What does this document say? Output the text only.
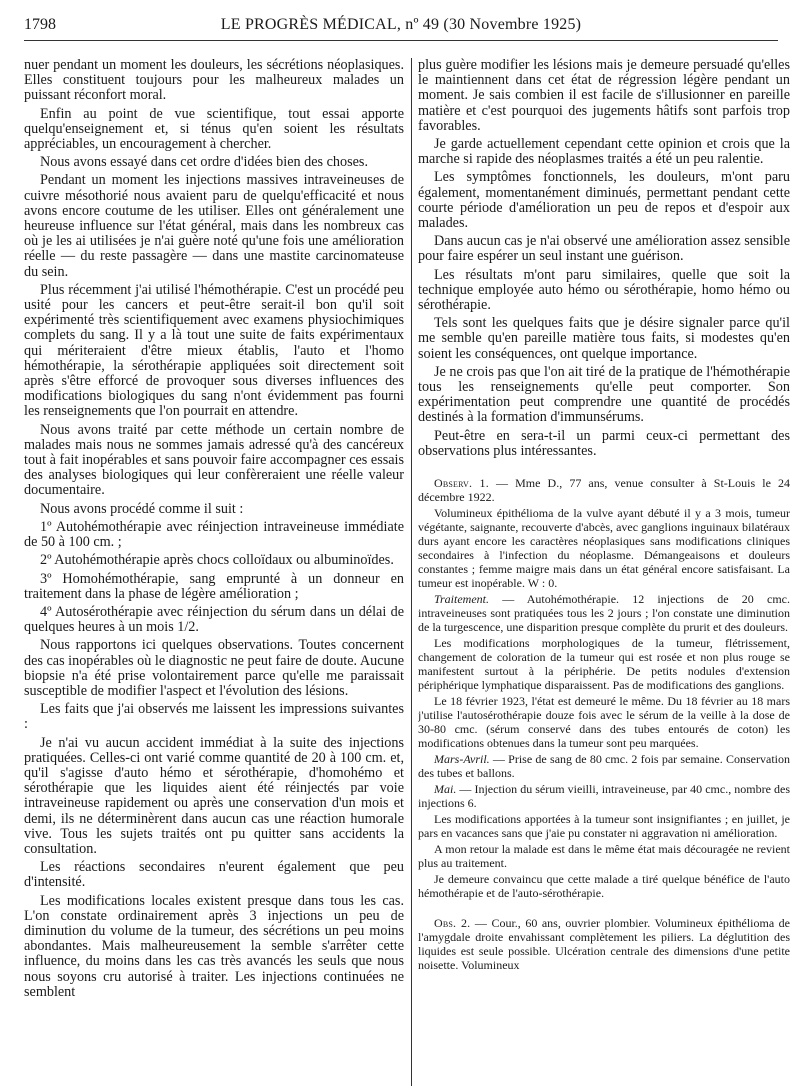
1798	LE PROGRÈS MÉDICAL, nº 49 (30 Novembre 1925)

nuer pendant un moment les douleurs, les sécrétions néoplasiques. Elles constituent toujours pour les malheureux malades un puissant réconfort moral.

Enfin au point de vue scientifique, tout essai apporte quelqu'enseignement et, si ténus qu'en soient les résultats appréciables, un encouragement à chercher.

Nous avons essayé dans cet ordre d'idées bien des choses.

Pendant un moment les injections massives intraveineuses de cuivre mésothorié nous avaient paru de quelqu'efficacité et nous avons encore coutume de les utiliser. Elles ont généralement une heureuse influence sur l'état général, mais dans les nombreux cas où je les ai utilisées je n'ai guère noté qu'une fois une amélioration réelle — du reste passagère — dans une mastite carcinomateuse du sein.

Plus récemment j'ai utilisé l'hémothérapie. C'est un procédé peu usité pour les cancers et peut-être serait-il bon qu'il soit expérimenté très scientifiquement avec examens physiochimiques complets du sang. Il y a là tout une suite de faits expérimentaux qui mériteraient d'être mieux établis, l'auto et l'homo hémothérapie, la sérothérapie appliquées soit directement soit après s'être efforcé de provoquer sous diverses influences des modifications biologiques du sang n'ont évidemment pas fourni les renseignements que l'on pourrait en attendre.

Nous avons traité par cette méthode un certain nombre de malades mais nous ne sommes jamais adressé qu'à des cancéreux tout à fait inopérables et sans pouvoir faire accompagner ces essais des analyses biologiques qui leur confèreraient une réelle valeur documentaire.

Nous avons procédé comme il suit :

1º Autohémothérapie avec réinjection intraveineuse immédiate de 50 à 100 cm. ;

2º Autohémothérapie après chocs colloïdaux ou albuminoïdes.

3º Homohémothérapie, sang emprunté à un donneur en traitement dans la phase de légère amélioration ;

4º Autosérothérapie avec réinjection du sérum dans un délai de quelques heures à un mois 1/2.

Nous rapportons ici quelques observations. Toutes concernent des cas inopérables où le diagnostic ne peut faire de doute. Aucune biopsie n'a été prise volontairement parce qu'elle me paraissait susceptible de modifier l'aspect et l'évolution des lésions.

Les faits que j'ai observés me laissent les impressions suivantes :

Je n'ai vu aucun accident immédiat à la suite des injections pratiquées. Celles-ci ont varié comme quantité de 20 à 100 cm. et, qu'il s'agisse d'auto hémo et sérothérapie, d'homohémo et sérothérapie que les liquides aient été réinjectés par voie intraveineuse rapidement ou après une conservation d'un mois et demi, ils ne déterminèrent dans aucun cas une réaction humorale vive. Tous les sujets traités ont pu quitter sans accidents la consultation.

Les réactions secondaires n'eurent également que peu d'intensité.

Les modifications locales existent presque dans tous les cas. L'on constate ordinairement après 3 injections un peu de diminution du volume de la tumeur, des sécrétions un peu moins abondantes. Mais malheureusement la semble s'arrêter cette influence, du moins dans les cas très avancés les seuls que nous nous soyons cru autorisé à traiter. Les injections continuées ne semblent

plus guère modifier les lésions mais je demeure persuadé qu'elles le maintiennent dans cet état de régression légère pendant un moment. Je sais combien il est facile de s'illusionner en pareille matière et c'est pourquoi des jugements hâtifs sont parfois trop favorables.

Je garde actuellement cependant cette opinion et crois que la marche si rapide des néoplasmes traités a été un peu ralentie.

Les symptômes fonctionnels, les douleurs, m'ont paru également, momentanément diminués, permettant pendant cette courte période d'amélioration un peu de repos et d'espoir aux malades.

Dans aucun cas je n'ai observé une amélioration assez sensible pour faire espérer un seul instant une guérison.

Les résultats m'ont paru similaires, quelle que soit la technique employée auto hémo ou sérothérapie, homo hémo ou sérothérapie.

Tels sont les quelques faits que je désire signaler parce qu'il me semble qu'en pareille matière tous faits, si modestes qu'en soient les conséquences, ont quelque importance.

Je ne crois pas que l'on ait tiré de la pratique de l'hémothérapie tous les renseignements qu'elle peut comporter. Son expérimentation peut comprendre une quantité de procédés destinés à la formation d'immunsérums.

Peut-être en sera-t-il un parmi ceux-ci permettant des observations plus intéressantes.

Observ. 1. — Mme D., 77 ans, venue consulter à St-Louis le 24 décembre 1922.

Volumineux épithélioma de la vulve ayant débuté il y a 3 mois, tumeur végétante, saignante, recouverte d'abcès, avec ganglions inguinaux bilatéraux durs ayant encore les caractères néoplasiques sans modifications cliniques secondaires à l'infection du néoplasme. Démangeaisons et douleurs constantes ; femme maigre mais dans un état général encore satisfaisant. La tumeur est inopérable. W : 0.

Traitement. — Autohémothérapie. 12 injections de 20 cmc. intraveineuses sont pratiquées tous les 2 jours ; l'on constate une diminution de la turgescence, une disparition presque complète du prurit et des douleurs.

Les modifications morphologiques de la tumeur, flétrissement, changement de coloration de la tumeur qui est rosée et non plus rouge se manifestent surtout à la périphérie. De petits nodules d'extension périphérique lymphatique disparaissent. Pas de modifications des ganglions.

Le 18 février 1923, l'état est demeuré le même. Du 18 février au 18 mars j'utilise l'autosérothérapie douze fois avec le sérum de la veille à la dose de 30-80 cmc. (sérum conservé dans des tubes entourés de coton) les modifications obtenues dans la tumeur sont peu marquées.

Mars-Avril. — Prise de sang de 80 cmc. 2 fois par semaine. Conservation des tubes et ballons.

Mai. — Injection du sérum vieilli, intraveineuse, par 40 cmc., nombre des injections 6.

Les modifications apportées à la tumeur sont insignifiantes ; en juillet, je pars en vacances sans que j'aie pu constater ni aggravation ni amélioration.

A mon retour la malade est dans le même état mais découragée ne revient plus au traitement.

Je demeure convaincu que cette malade a tiré quelque bénéfice de l'auto hémothérapie et de l'auto-sérothérapie.

Obs. 2. — Cour., 60 ans, ouvrier plombier. Volumineux épithélioma de l'amygdale droite envahissant complètement les piliers. La déglutition des liquides est seule possible. Ulcération centrale des dimensions d'une petite noisette. Volumineux
